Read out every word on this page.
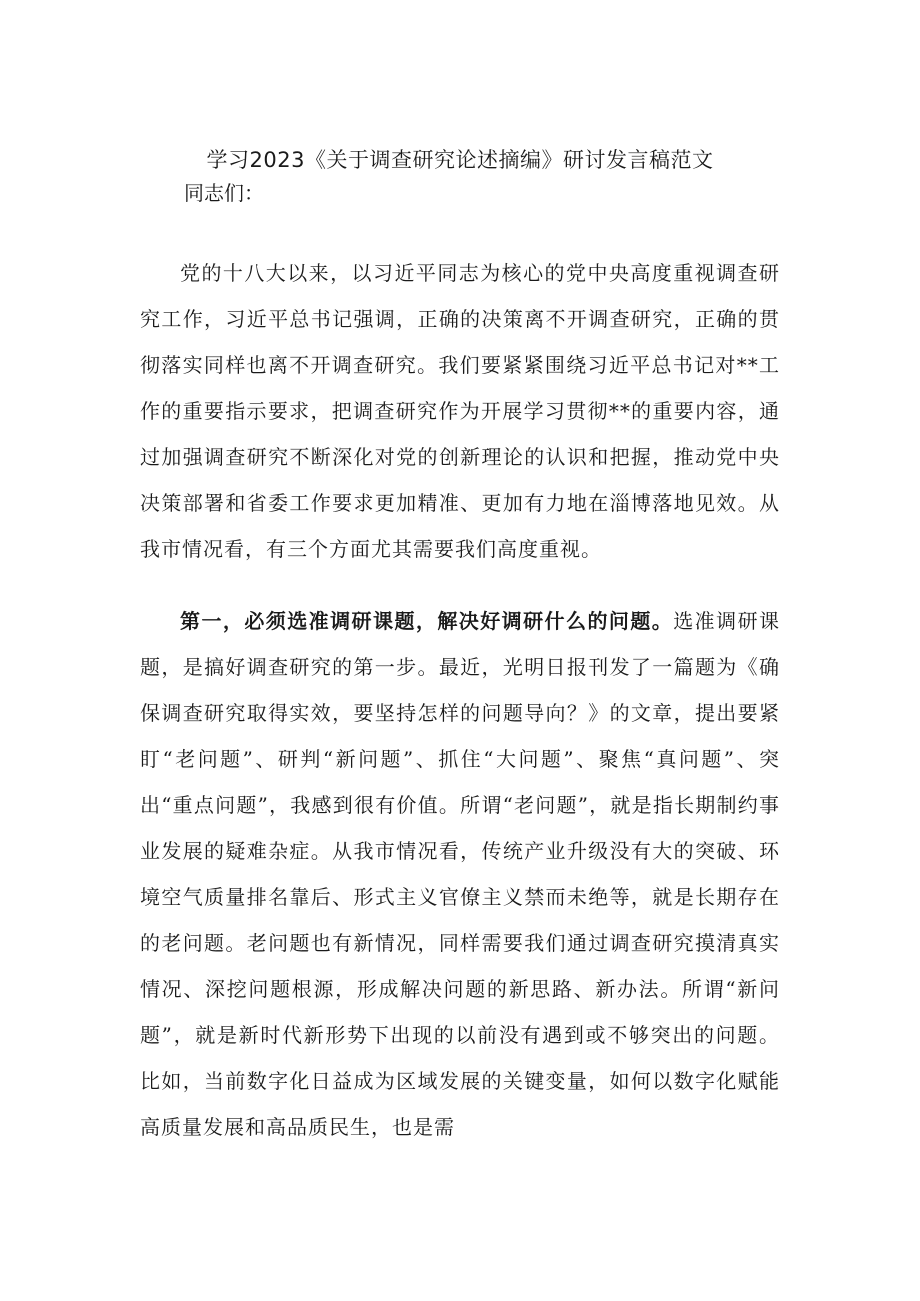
学习2023《关于调查研究论述摘编》研讨发言稿范文
同志们：

党的十八大以来，以习近平同志为核心的党中央高度重视调查研究工作，习近平总书记强调，正确的决策离不开调查研究，正确的贯彻落实同样也离不开调查研究。我们要紧紧围绕习近平总书记对**工作的重要指示要求，把调查研究作为开展学习贯彻**的重要内容，通过加强调查研究不断深化对党的创新理论的认识和把握，推动党中央决策部署和省委工作要求更加精准、更加有力地在淄博落地见效。从我市情况看，有三个方面尤其需要我们高度重视。

第一，必须选准调研课题，解决好调研什么的问题。选准调研课题，是搞好调查研究的第一步。最近，光明日报刊发了一篇题为《确保调查研究取得实效，要坚持怎样的问题导向？》的文章，提出要紧盯“老问题”、研判“新问题”、抓住“大问题”、聚焦“真问题”、突出“重点问题”，我感到很有价值。所谓“老问题”，就是指长期制约事业发展的疑难杂症。从我市情况看，传统产业升级没有大的突破、环境空气质量排名靠后、形式主义官僚主义禁而未绝等，就是长期存在的老问题。老问题也有新情况，同样需要我们通过调查研究摸清真实情况、深挖问题根源，形成解决问题的新思路、新办法。所谓“新问题”，就是新时代新形势下出现的以前没有遇到或不够突出的问题。比如，当前数字化日益成为区域发展的关键变量，如何以数字化赋能高质量发展和高品质民生，也是需
